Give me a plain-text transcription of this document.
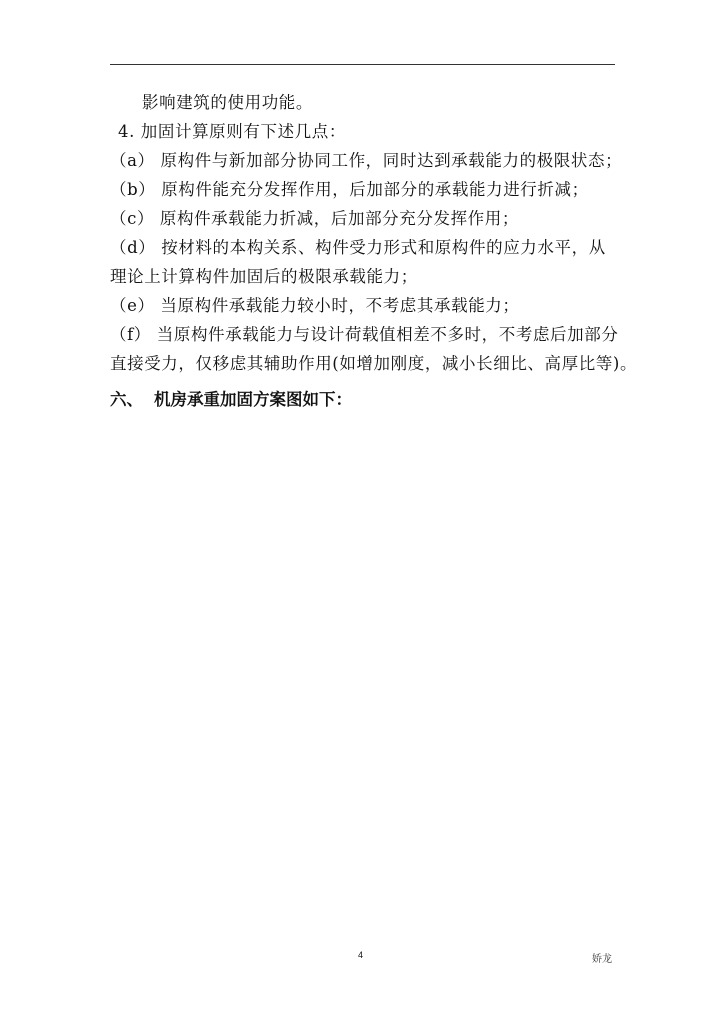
影响建筑的使用功能。
4. 加固计算原则有下述几点：
（a） 原构件与新加部分协同工作，同时达到承载能力的极限状态；
（b） 原构件能充分发挥作用，后加部分的承载能力进行折减；
（c） 原构件承载能力折减，后加部分充分发挥作用；
（d） 按材料的本构关系、构件受力形式和原构件的应力水平，从
理论上计算构件加固后的极限承载能力；
（e） 当原构件承载能力较小时，不考虑其承载能力；
（f） 当原构件承载能力与设计荷载值相差不多时，不考虑后加部分
直接受力，仅移虑其辅助作用(如增加刚度，减小长细比、高厚比等)。
六、 机房承重加固方案图如下：
4	娇龙
